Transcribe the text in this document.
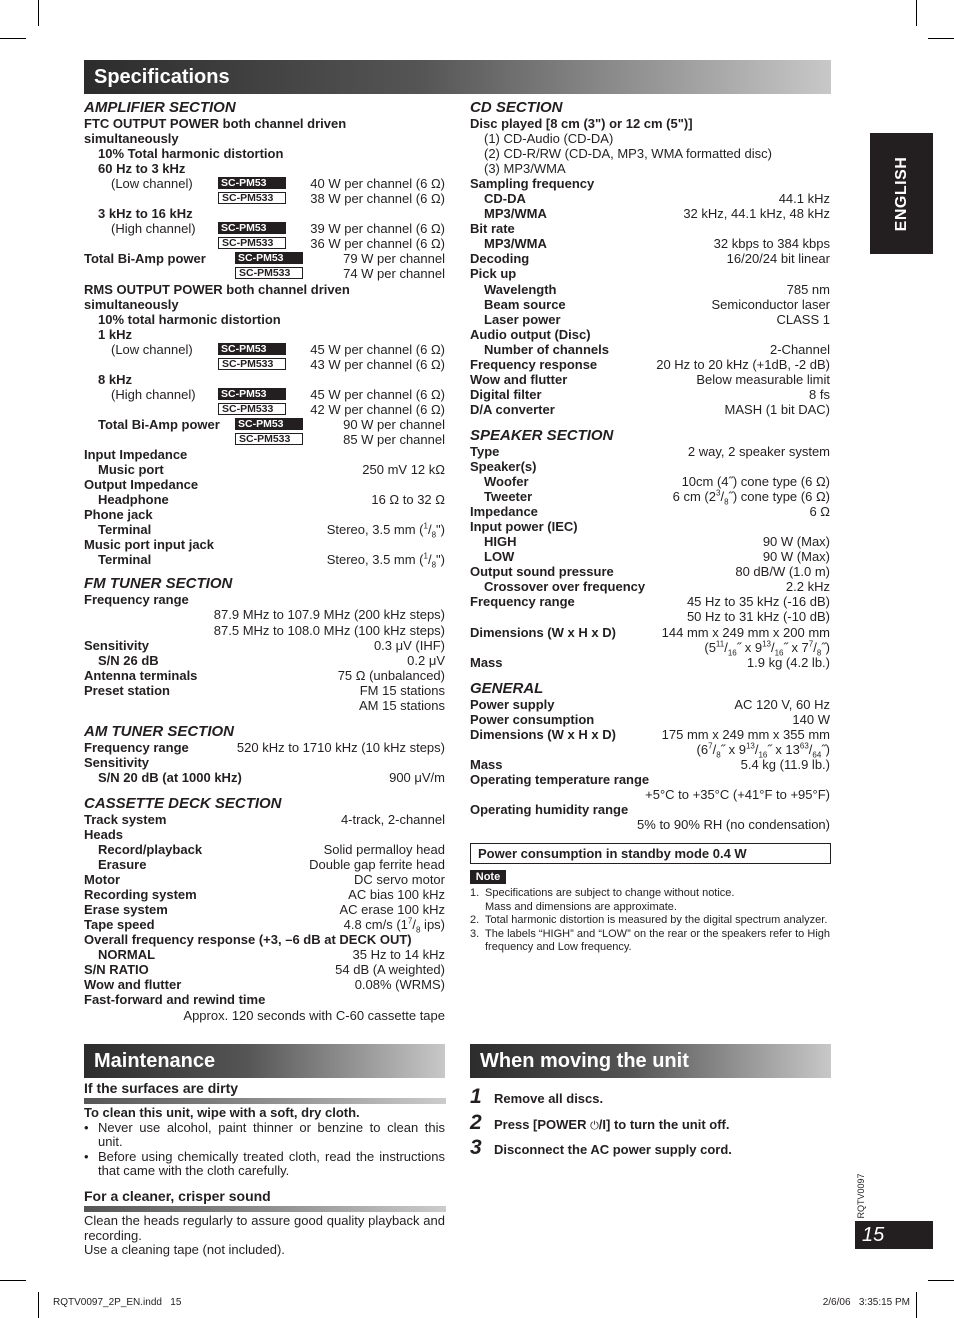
Specifications
ENGLISH
AMPLIFIER SECTION
FTC OUTPUT POWER both channel driven
simultaneously
10% Total harmonic distortion
60 Hz to 3 kHz
(Low channel)	SC-PM53	40 W per channel (6 Ω)
SC-PM533	38 W per channel (6 Ω)
3 kHz to 16 kHz
(High channel) SC-PM53	39 W per channel (6 Ω)
SC-PM533	36 W per channel (6 Ω)
Total Bi-Amp power	SC-PM53	79 W per channel
SC-PM533	74 W per channel
RMS OUTPUT POWER both channel driven
simultaneously
10% total harmonic distortion
1 kHz
(Low channel)	SC-PM53	45 W per channel (6 Ω)
SC-PM533	43 W per channel (6 Ω)
8 kHz
(High channel) SC-PM53	45 W per channel (6 Ω)
SC-PM533	42 W per channel (6 Ω)
Total Bi-Amp power SC-PM53	90 W per channel
SC-PM533	85 W per channel
Input Impedance
Music port	250 mV 12 kΩ
Output Impedance
Headphone	16 Ω to 32 Ω
Phone jack
Terminal	Stereo, 3.5 mm $(^1/_8")$
Music port input jack
Terminal	Stereo, 3.5 mm $(^1/_8")$
FM TUNER SECTION
Frequency range
87.9 MHz to 107.9 MHz (200 kHz steps)
87.5 MHz to 108.0 MHz (100 kHz steps)
Sensitivity	0.3 μV (IHF)
S/N 26 dB	0.2 μV
Antenna terminals	75 Ω (unbalanced)
Preset station	FM 15 stations
AM 15 stations
AM TUNER SECTION
Frequency range	520 kHz to 1710 kHz (10 kHz steps)
Sensitivity
S/N 20 dB (at 1000 kHz)	900 μV/m
CASSETTE DECK SECTION
Track system	4-track, 2-channel
Heads
Record/playback	Solid permalloy head
Erasure	Double gap ferrite head
Motor	DC servo motor
Recording system	AC bias 100 kHz
Erase system	AC erase 100 kHz
Tape speed	4.8 cm/s ($1^7/_8$ ips)
Overall frequency response (+3, –6 dB at DECK OUT)
NORMAL	35 Hz to 14 kHz
S/N RATIO	54 dB (A weighted)
Wow and flutter	0.08% (WRMS)
Fast-forward and rewind time
Approx. 120 seconds with C-60 cassette tape
CD SECTION
Disc played [8 cm (3") or 12 cm (5")]
(1) CD-Audio (CD-DA)
(2) CD-R/RW (CD-DA, MP3, WMA formatted disc)
(3) MP3/WMA
Sampling frequency
CD-DA	44.1 kHz
MP3/WMA	32 kHz, 44.1 kHz, 48 kHz
Bit rate
MP3/WMA	32 kbps to 384 kbps
Decoding	16/20/24 bit linear
Pick up
Wavelength	785 nm
Beam source	Semiconductor laser
Laser power	CLASS 1
Audio output (Disc)
Number of channels	2-Channel
Frequency response	20 Hz to 20 kHz (+1dB, -2 dB)
Wow and flutter	Below measurable limit
Digital filter	8 fs
D/A converter	MASH (1 bit DAC)
SPEAKER SECTION
Type	2 way, 2 speaker system
Speaker(s)
Woofer	10cm (4˝) cone type (6 Ω)
Tweeter	6 cm $(2^3/_8˝)$ cone type (6 Ω)
Impedance	6 Ω
Input power (IEC)
HIGH	90 W (Max)
LOW	90 W (Max)
Output sound pressure	80 dB/W (1.0 m)
Crossover over frequency	2.2 kHz
Frequency range	45 Hz to 35 kHz (-16 dB)
50 Hz to 31 kHz (-10 dB)
Dimensions (W x H x D)	144 mm x 249 mm x 200 mm
($5^{11}/_{16}˝$ x $9^{13}/_{16}˝$ x $7^7/_8˝$)
Mass	1.9 kg (4.2 lb.)
GENERAL
Power supply	AC 120 V, 60 Hz
Power consumption	140 W
Dimensions (W x H x D)	175 mm x 249 mm x 355 mm
($6^7/_8˝$ x $9^{13}/_{16}˝$ x $13^{63}/_{64}˝$)
Mass	5.4 kg (11.9 lb.)
Operating temperature range
+5°C to +35°C (+41°F to +95°F)
Operating humidity range
5% to 90% RH (no condensation)
Power consumption in standby mode 0.4 W
Note
1. Specifications are subject to change without notice.
Mass and dimensions are approximate.
2. Total harmonic distortion is measured by the digital spectrum analyzer.
3. The labels “HIGH” and “LOW” on the rear or the speakers refer to High frequency and Low frequency.
Maintenance
If the surfaces are dirty
To clean this unit, wipe with a soft, dry cloth.
• Never use alcohol, paint thinner or benzine to clean this unit.
• Before using chemically treated cloth, read the instructions that came with the cloth carefully.
For a cleaner, crisper sound
Clean the heads regularly to assure good quality playback and recording.
Use a cleaning tape (not included).
When moving the unit
1 Remove all discs.
2 Press [POWER ⏻/I] to turn the unit off.
3 Disconnect the AC power supply cord.
RQTV0097
15
RQTV0097_2P_EN.indd   15	2/6/06   3:35:15 PM
